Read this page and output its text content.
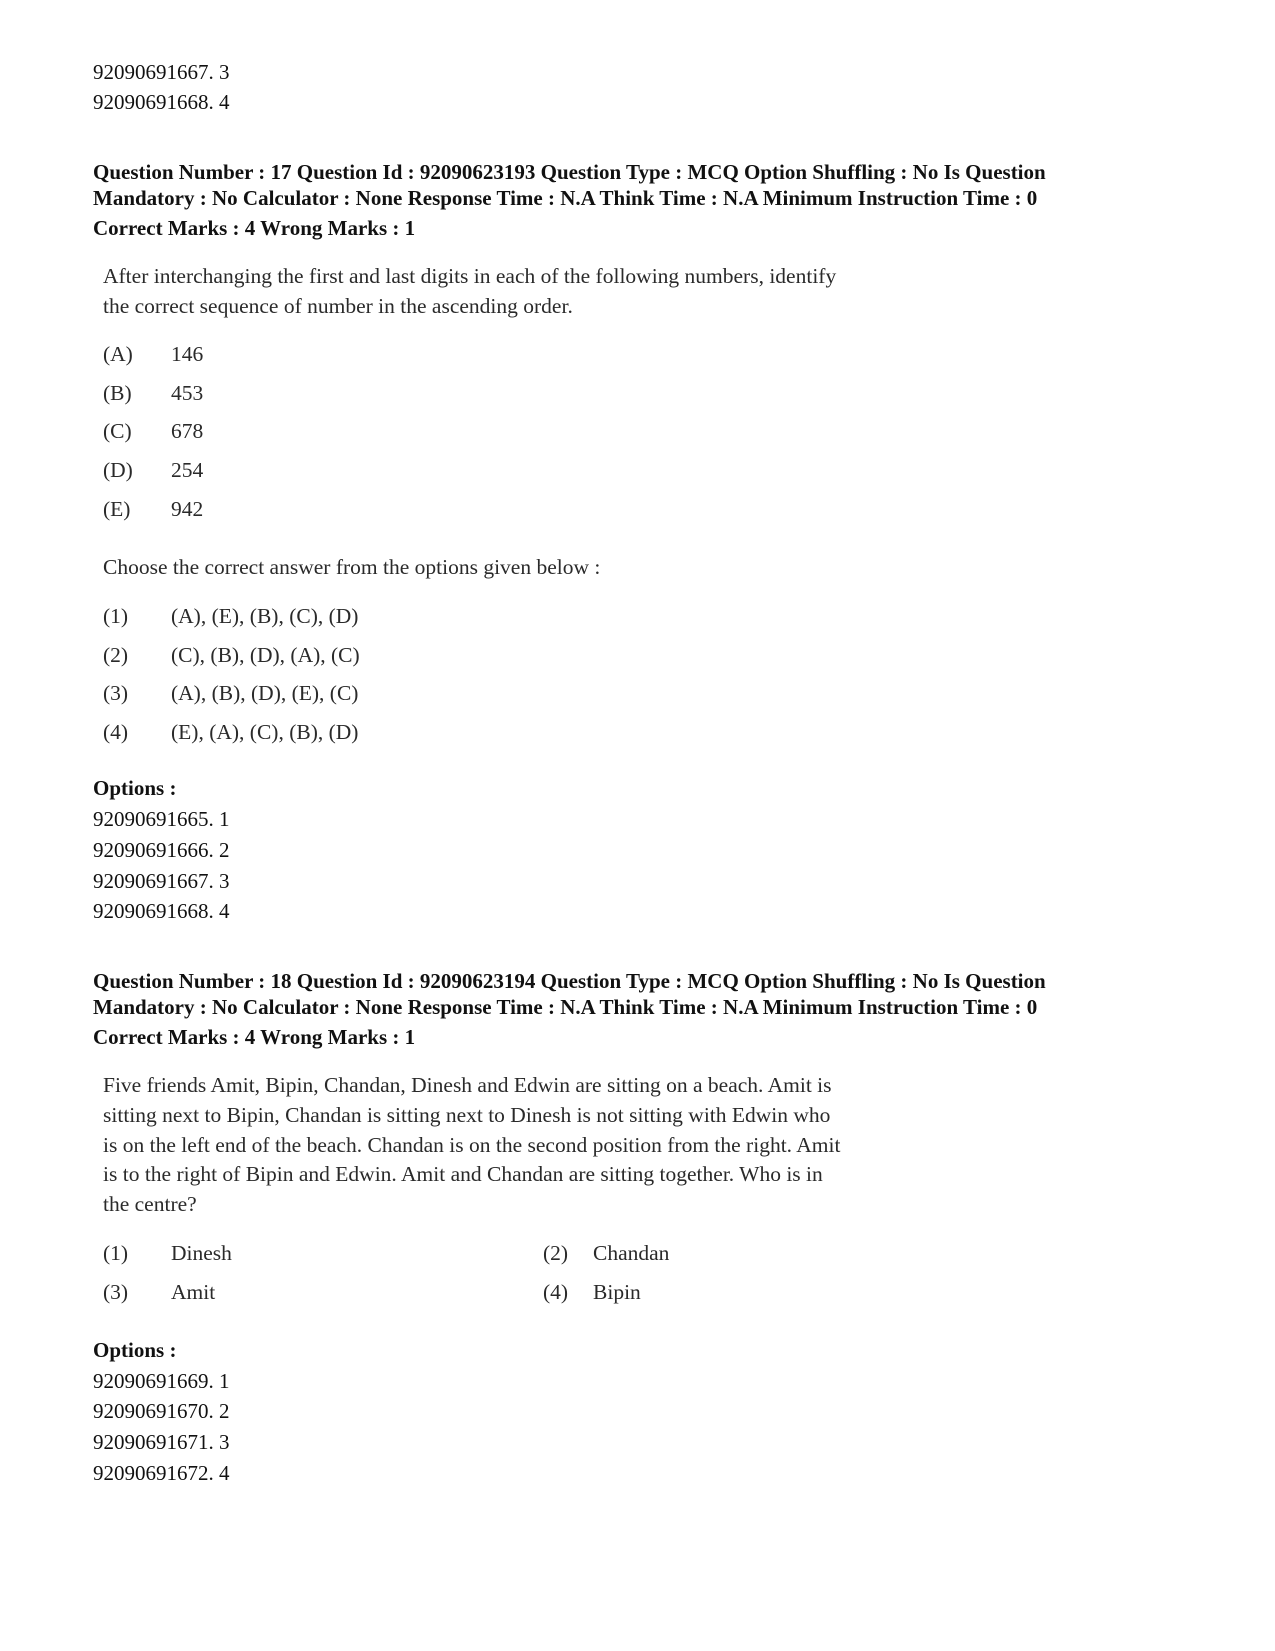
92090691667. 3
92090691668. 4
Question Number : 17 Question Id : 92090623193 Question Type : MCQ Option Shuffling : No Is Question
Mandatory : No Calculator : None Response Time : N.A Think Time : N.A Minimum Instruction Time : 0
Correct Marks : 4 Wrong Marks : 1
After interchanging the first and last digits in each of the following numbers, identify
the correct sequence of number in the ascending order.
(A) 146
(B) 453
(C) 678
(D) 254
(E) 942
Choose the correct answer from the options given below :
(1) (A), (E), (B), (C), (D)
(2) (C), (B), (D), (A), (C)
(3) (A), (B), (D), (E), (C)
(4) (E), (A), (C), (B), (D)
Options :
92090691665. 1
92090691666. 2
92090691667. 3
92090691668. 4
Question Number : 18 Question Id : 92090623194 Question Type : MCQ Option Shuffling : No Is Question
Mandatory : No Calculator : None Response Time : N.A Think Time : N.A Minimum Instruction Time : 0
Correct Marks : 4 Wrong Marks : 1
Five friends Amit, Bipin, Chandan, Dinesh and Edwin are sitting on a beach. Amit is
sitting next to Bipin, Chandan is sitting next to Dinesh is not sitting with Edwin who
is on the left end of the beach. Chandan is on the second position from the right. Amit
is to the right of Bipin and Edwin. Amit and Chandan are sitting together. Who is in
the centre?
(1) Dinesh	(2) Chandan
(3) Amit	(4) Bipin
Options :
92090691669. 1
92090691670. 2
92090691671. 3
92090691672. 4
